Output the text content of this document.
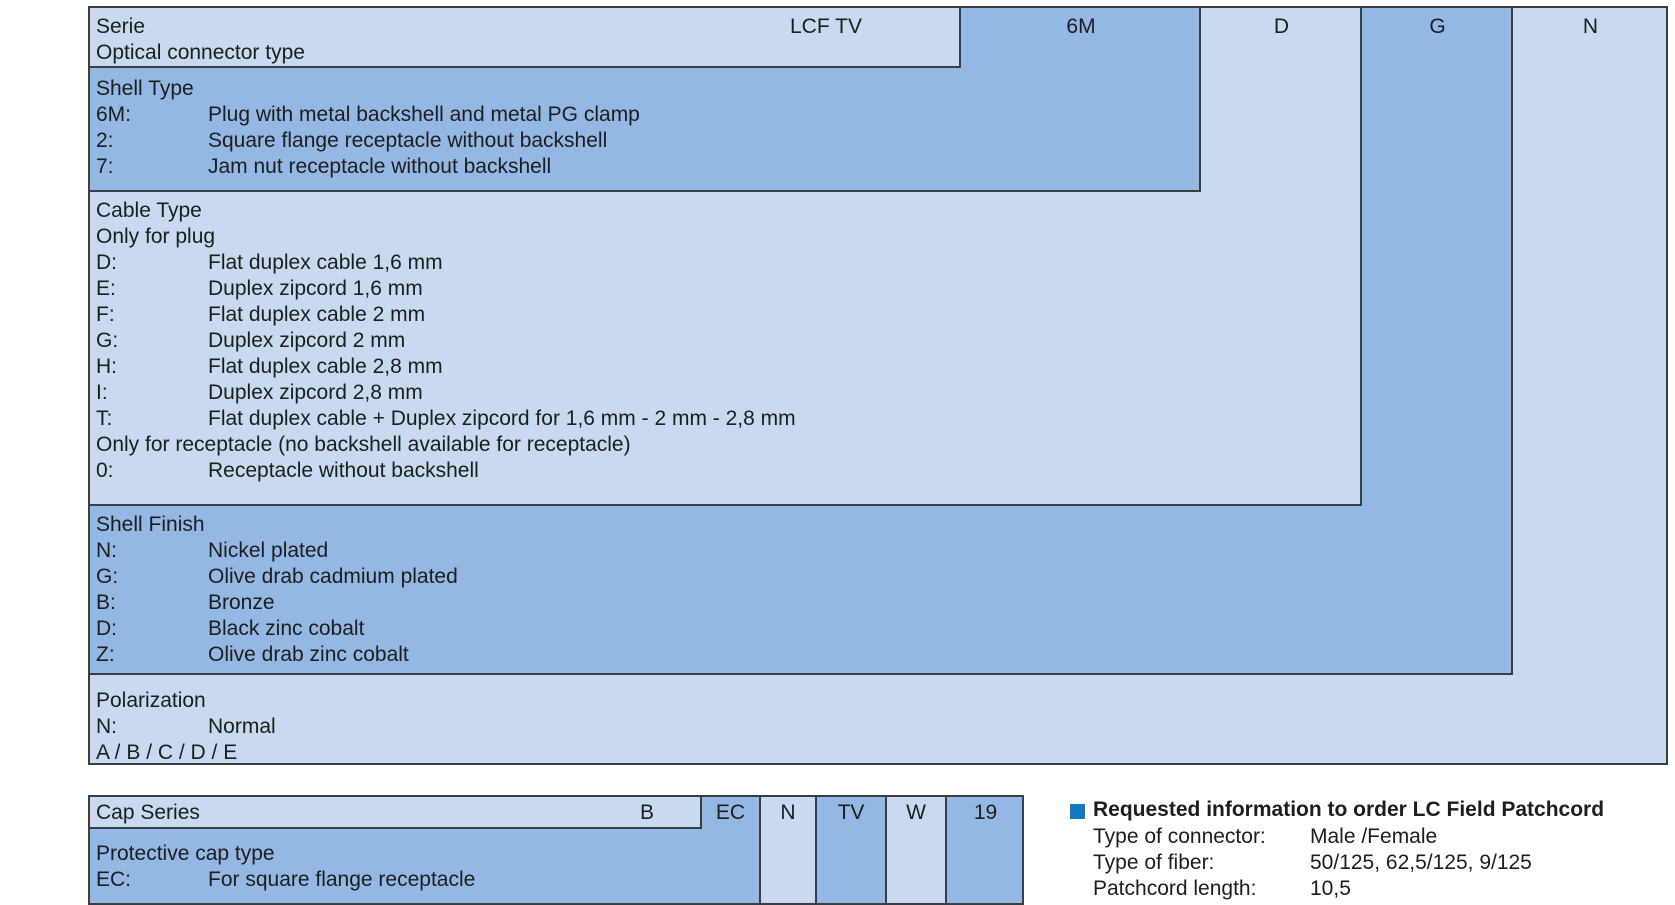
Serie
Optical connector type
LCF TV	6M	D	G	N
Shell Type
6M:	Plug with metal backshell and metal PG clamp
2:	Square flange receptacle without backshell
7:	Jam nut receptacle without backshell
Cable Type
Only for plug
D:	Flat duplex cable 1,6 mm
E:	Duplex zipcord 1,6 mm
F:	Flat duplex cable 2 mm
G:	Duplex zipcord 2 mm
H:	Flat duplex cable 2,8 mm
I:	Duplex zipcord 2,8 mm
T:	Flat duplex cable + Duplex zipcord for 1,6 mm - 2 mm - 2,8 mm
Only for receptacle (no backshell available for receptacle)
0:	Receptacle without backshell
Shell Finish
N:	Nickel plated
G:	Olive drab cadmium plated
B:	Bronze
D:	Black zinc cobalt
Z:	Olive drab zinc cobalt
Polarization
N:	Normal
A / B / C / D / E
Cap Series	B	EC	N	TV	W	19
Protective cap type
EC:	For square flange receptacle
Requested information to order LC Field Patchcord
Type of connector: Male /Female
Type of fiber:	50/125, 62,5/125, 9/125
Patchcord length:	10,5
